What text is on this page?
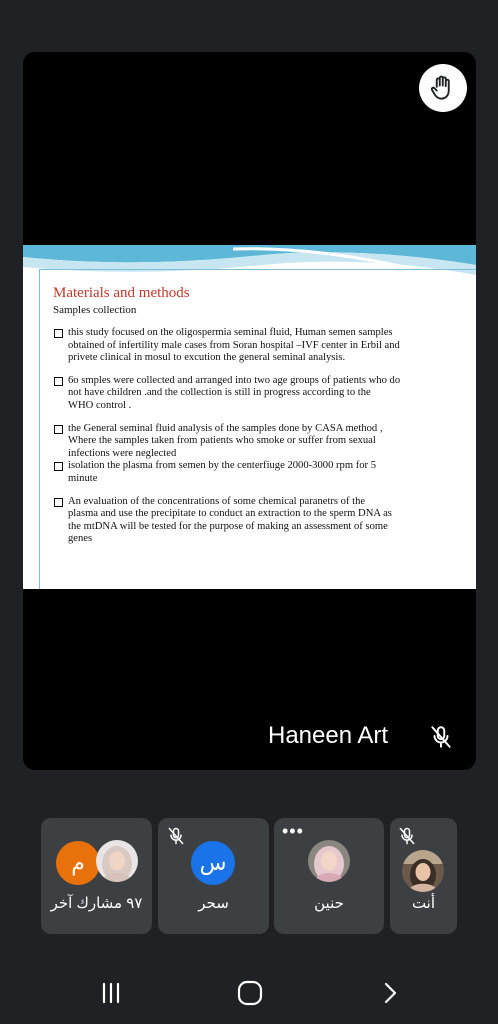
Materials and methods
Samples collection
this study focused on the oligospermia seminal fluid, Human semen samples
obtained of infertility male cases from Soran hospital –IVF center in Erbil and
privete clinical in mosul to excution the general seminal analysis.
6o smples were collected and arranged into two age groups of patients who do
not have children .and the collection is still in progress according to the
WHO control .
the General seminal fluid analysis of the samples done by CASA method ,
Where the samples taken from patients who smoke or suffer from sexual
infections were neglected
isolation the plasma from semen by the centerfiuge 2000-3000 rpm for 5
minute
An evaluation of the concentrations of some chemical paranetrs of the
plasma and use the precipitate to conduct an extraction to the sperm DNA as
the mtDNA will be tested for the purpose of making an assessment of some
genes
Haneen Art
م
٩٧ مشارك آخر
س
سحر
•••
حنين	أنت
